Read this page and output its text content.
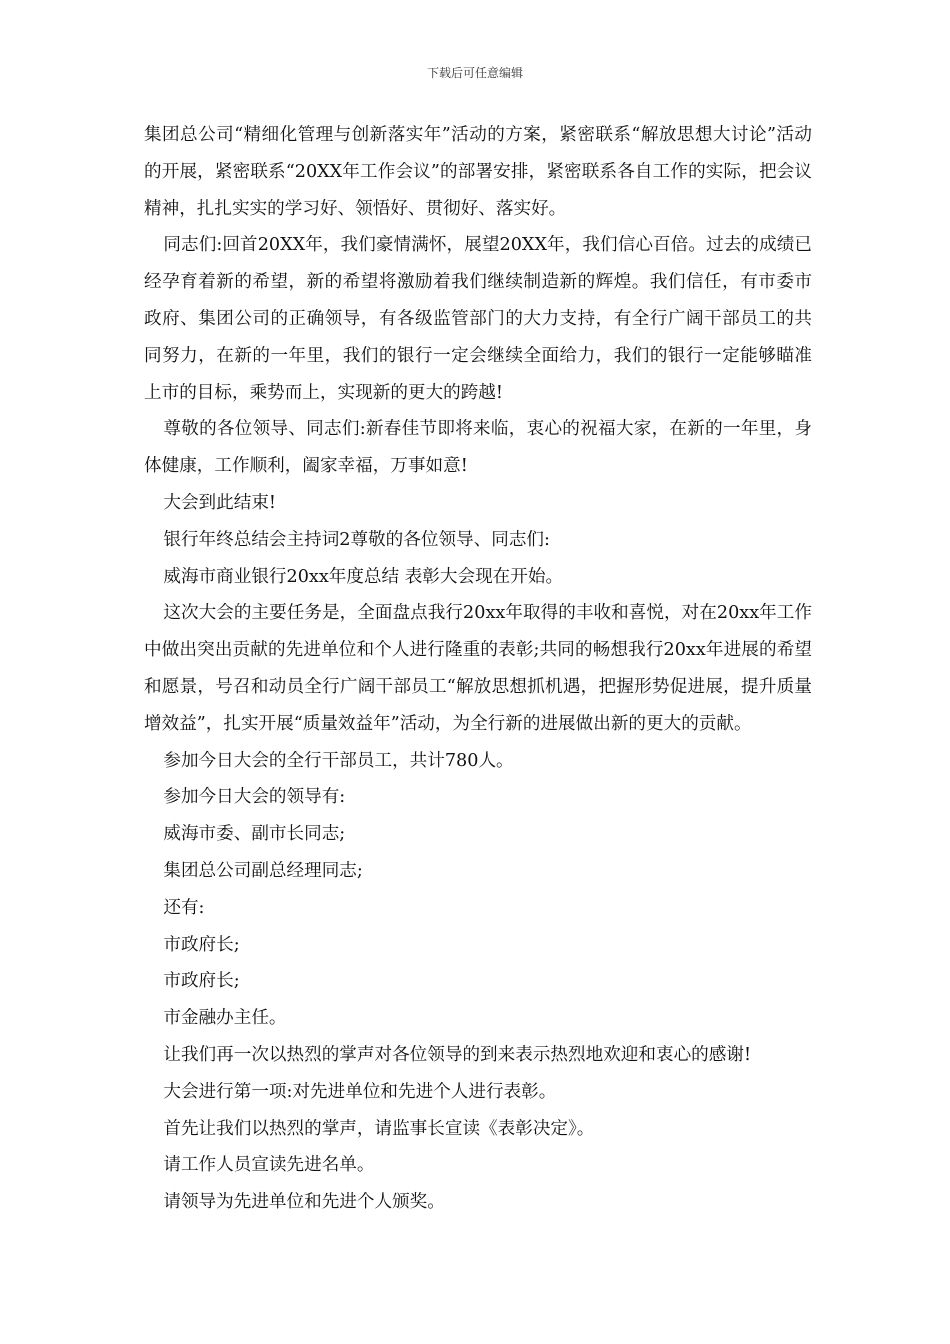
下载后可任意编辑

集团总公司“精细化管理与创新落实年”活动的方案，紧密联系“解放思想大讨论”活动的开展，紧密联系“20XX年工作会议”的部署安排，紧密联系各自工作的实际，把会议精神，扎扎实实的学习好、领悟好、贯彻好、落实好。

同志们:回首20XX年，我们豪情满怀，展望20XX年，我们信心百倍。过去的成绩已经孕育着新的希望，新的希望将激励着我们继续制造新的辉煌。我们信任，有市委市政府、集团公司的正确领导，有各级监管部门的大力支持，有全行广阔干部员工的共同努力，在新的一年里，我们的银行一定会继续全面给力，我们的银行一定能够瞄准上市的目标，乘势而上，实现新的更大的跨越!

尊敬的各位领导、同志们:新春佳节即将来临，衷心的祝福大家，在新的一年里，身体健康，工作顺利，阖家幸福，万事如意!

大会到此结束!

银行年终总结会主持词2尊敬的各位领导、同志们:

威海市商业银行20xx年度总结 表彰大会现在开始。

这次大会的主要任务是，全面盘点我行20xx年取得的丰收和喜悦，对在20xx年工作中做出突出贡献的先进单位和个人进行隆重的表彰;共同的畅想我行20xx年进展的希望和愿景，号召和动员全行广阔干部员工“解放思想抓机遇，把握形势促进展，提升质量增效益”，扎实开展“质量效益年”活动，为全行新的进展做出新的更大的贡献。

参加今日大会的全行干部员工，共计780人。

参加今日大会的领导有:

威海市委、副市长同志;

集团总公司副总经理同志;

还有:

市政府长;

市政府长;

市金融办主任。

让我们再一次以热烈的掌声对各位领导的到来表示热烈地欢迎和衷心的感谢!

大会进行第一项:对先进单位和先进个人进行表彰。

首先让我们以热烈的掌声，请监事长宣读《表彰决定》。

请工作人员宣读先进名单。

请领导为先进单位和先进个人颁奖。
